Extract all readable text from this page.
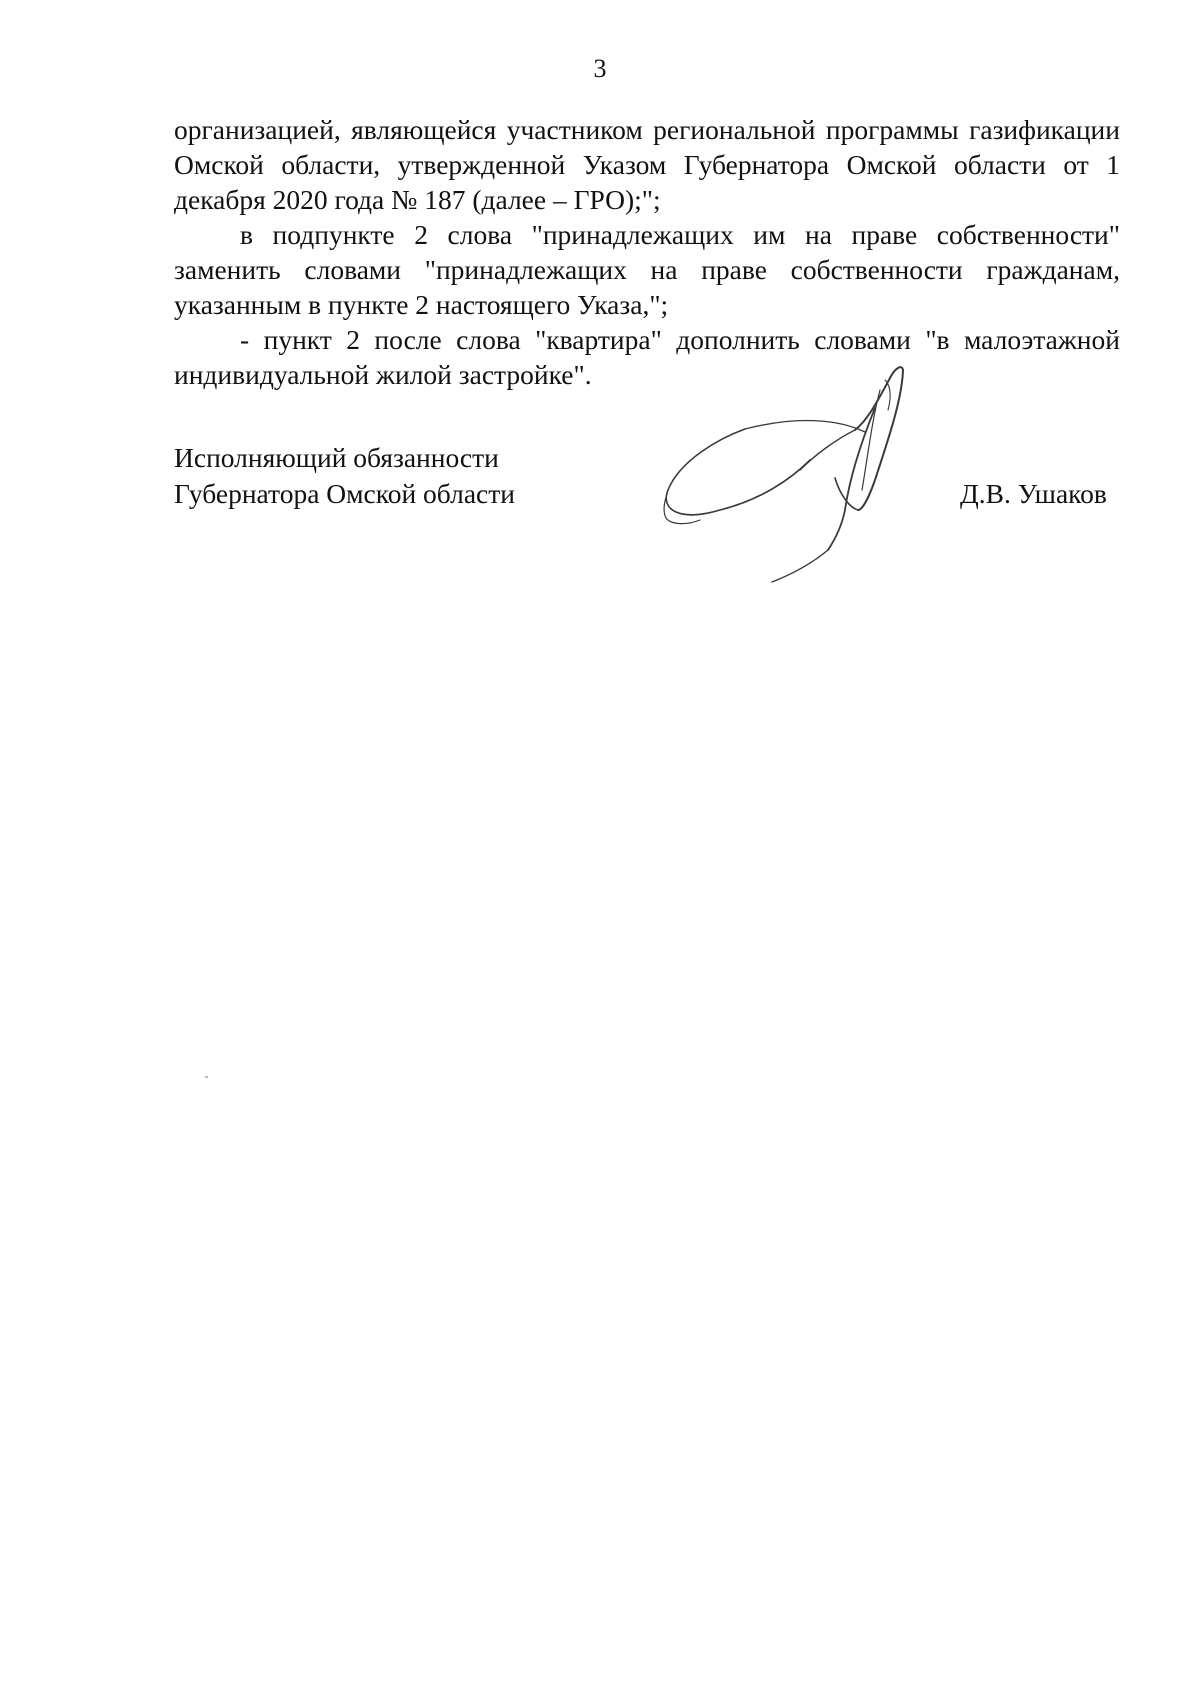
3

организацией, являющейся участником региональной программы газификации Омской области, утвержденной Указом Губернатора Омской области от 1 декабря 2020 года № 187 (далее – ГРО);";

в подпункте 2 слова "принадлежащих им на праве собственности" заменить словами "принадлежащих на праве собственности гражданам, указанным в пункте 2 настоящего Указа,";

- пункт 2 после слова "квартира" дополнить словами "в малоэтажной индивидуальной жилой застройке".

Исполняющий обязанности
Губернатора Омской области	Д.В. Ушаков
